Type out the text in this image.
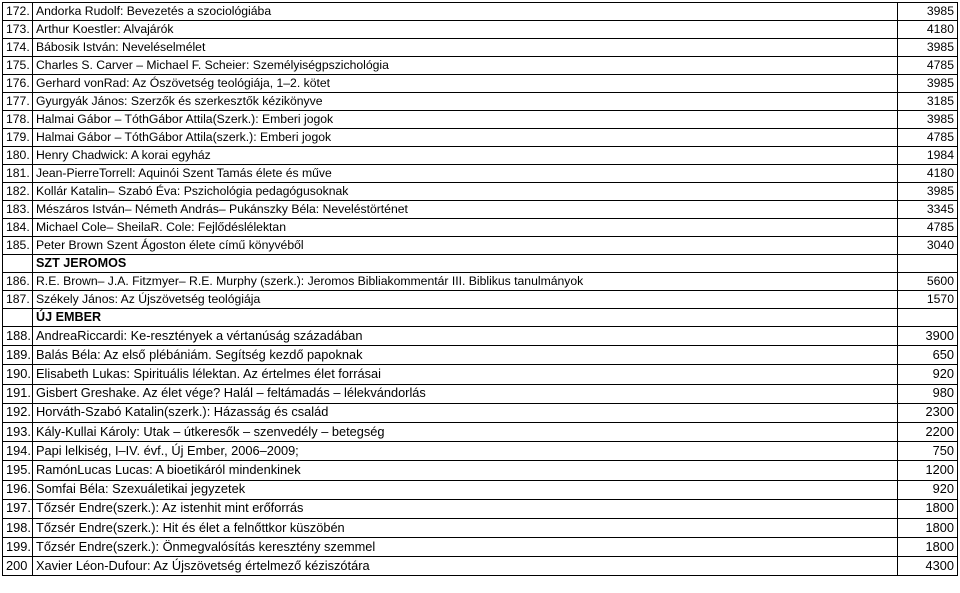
172.	Andorka Rudolf: Bevezetés a szociológiába	3985
173.	Arthur Koestler: Alvajárók	4180
174.	Bábosik István: Neveléselmélet	3985
175.	Charles S. Carver – Michael F. Scheier: Személyiségpszichológia	4785
176.	Gerhard vonRad: Az Ószövetség teológiája, 1–2. kötet	3985
177.	Gyurgyák János: Szerzők és szerkesztők kézikönyve	3185
178.	Halmai Gábor – TóthGábor Attila(Szerk.): Emberi jogok	3985
179.	Halmai Gábor – TóthGábor Attila(szerk.): Emberi jogok	4785
180.	Henry Chadwick: A korai egyház	1984
181.	Jean-PierreTorrell: Aquinói Szent Tamás élete és műve	4180
182.	Kollár Katalin– Szabó Éva: Pszichológia pedagógusoknak	3985
183.	Mészáros István– Németh András– Pukánszky Béla: Neveléstörténet	3345
184.	Michael Cole– SheilaR. Cole: Fejlődéslélektan	4785
185.	Peter Brown Szent Ágoston élete című könyvéből	3040
	SZT JEROMOS	
186.	R.E. Brown– J.A. Fitzmyer– R.E. Murphy (szerk.): Jeromos Bibliakommentár III. Biblikus tanulmányok	5600
187.	Székely János: Az Újszövetség teológiája	1570
	ÚJ EMBER	
188.	AndreaRiccardi: Ke-resztények a vértanúság századában	3900
189.	Balás Béla: Az első plébániám. Segítség kezdő papoknak	650
190.	Elisabeth Lukas: Spirituális lélektan. Az értelmes élet forrásai	920
191.	Gisbert Greshake. Az élet vége? Halál – feltámadás – lélekvándorlás	980
192.	Horváth-Szabó Katalin(szerk.): Házasság és család	2300
193.	Kály-Kullai Károly: Utak – útkeresők – szenvedély – betegség	2200
194.	Papi lelkiség, I–IV. évf., Új Ember, 2006–2009;	750
195.	RamónLucas Lucas: A bioetikáról mindenkinek	1200
196.	Somfai Béla: Szexuáletikai jegyzetek	920
197.	Tőzsér Endre(szerk.): Az istenhit mint erőforrás	1800
198.	Tőzsér Endre(szerk.): Hit és élet a felnőttkor küszöbén	1800
199.	Tőzsér Endre(szerk.): Önmegvalósítás keresztény szemmel	1800
200	Xavier Léon-Dufour: Az Újszövetség értelmező kéziszótára	4300
